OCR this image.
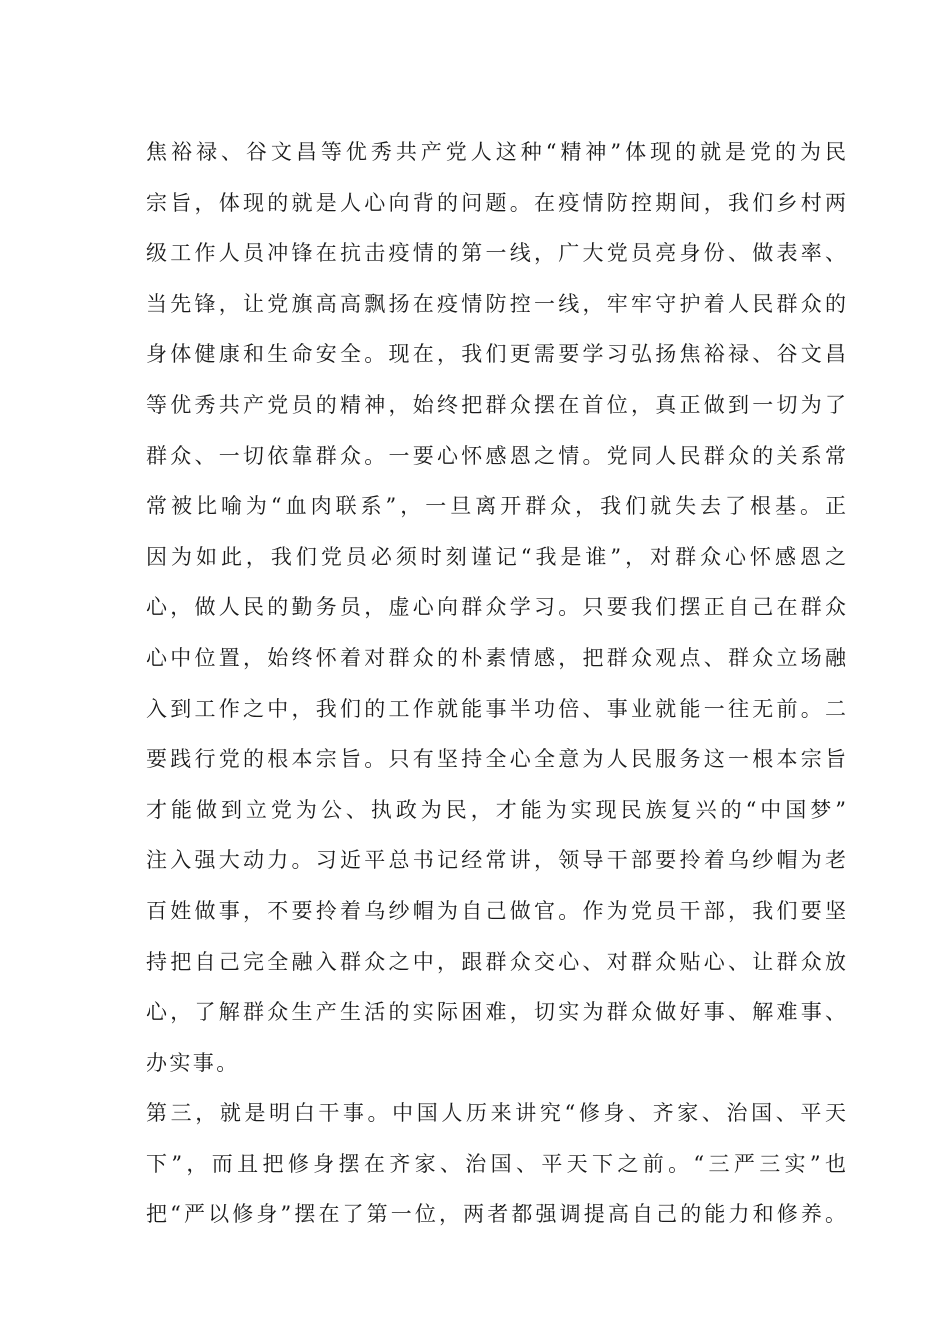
焦裕禄、谷文昌等优秀共产党人这种“精神”体现的就是党的为民
宗旨，体现的就是人心向背的问题。在疫情防控期间，我们乡村两
级工作人员冲锋在抗击疫情的第一线，广大党员亮身份、做表率、
当先锋，让党旗高高飘扬在疫情防控一线，牢牢守护着人民群众的
身体健康和生命安全。现在，我们更需要学习弘扬焦裕禄、谷文昌
等优秀共产党员的精神，始终把群众摆在首位，真正做到一切为了
群众、一切依靠群众。一要心怀感恩之情。党同人民群众的关系常
常被比喻为“血肉联系”，一旦离开群众，我们就失去了根基。正
因为如此，我们党员必须时刻谨记“我是谁”，对群众心怀感恩之
心，做人民的勤务员，虚心向群众学习。只要我们摆正自己在群众
心中位置，始终怀着对群众的朴素情感，把群众观点、群众立场融
入到工作之中，我们的工作就能事半功倍、事业就能一往无前。二
要践行党的根本宗旨。只有坚持全心全意为人民服务这一根本宗旨
才能做到立党为公、执政为民，才能为实现民族复兴的“中国梦”
注入强大动力。习近平总书记经常讲，领导干部要拎着乌纱帽为老
百姓做事，不要拎着乌纱帽为自己做官。作为党员干部，我们要坚
持把自己完全融入群众之中，跟群众交心、对群众贴心、让群众放
心，了解群众生产生活的实际困难，切实为群众做好事、解难事、
办实事。
第三，就是明白干事。中国人历来讲究“修身、齐家、治国、平天
下”，而且把修身摆在齐家、治国、平天下之前。“三严三实”也
把“严以修身”摆在了第一位，两者都强调提高自己的能力和修养。
